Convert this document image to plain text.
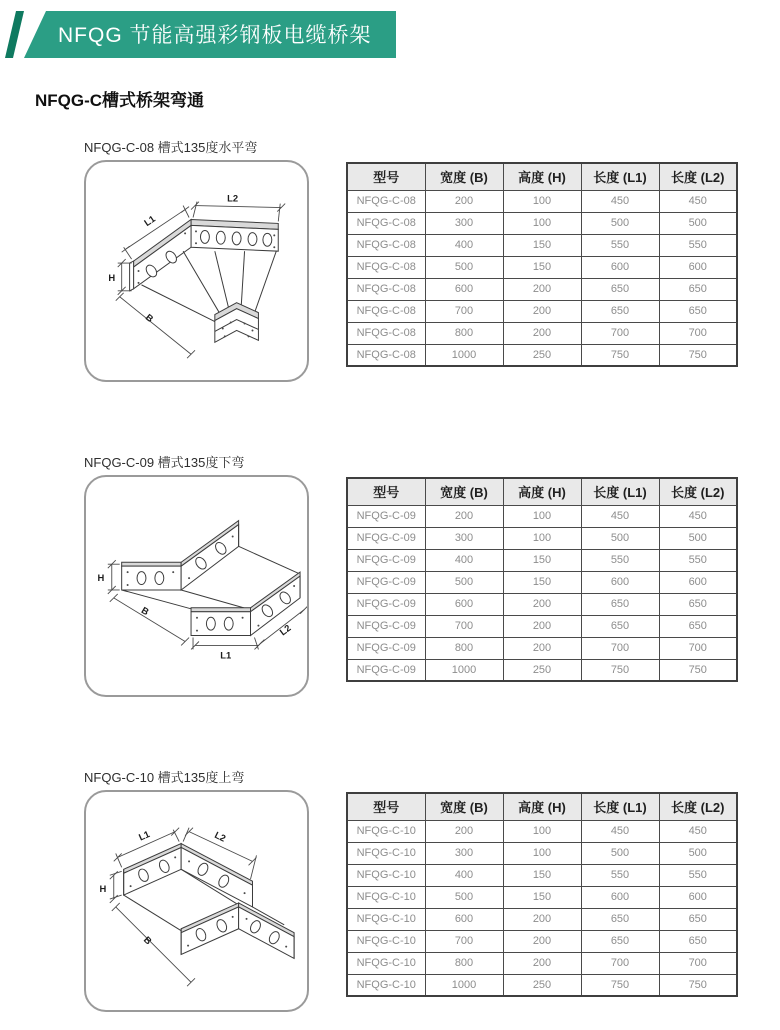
NFQG 节能高强彩钢板电缆桥架
NFQG-C槽式桥架弯通
NFQG-C-08 槽式135度水平弯
L2
L1
H
B
型号	宽度 (B)	高度 (H)	长度 (L1)	长度 (L2)
NFQG-C-08	200	100	450	450
NFQG-C-08	300	100	500	500
NFQG-C-08	400	150	550	550
NFQG-C-08	500	150	600	600
NFQG-C-08	600	200	650	650
NFQG-C-08	700	200	650	650
NFQG-C-08	800	200	700	700
NFQG-C-08	1000	250	750	750
NFQG-C-09 槽式135度下弯
H
B
L1
L2
型号	宽度 (B)	高度 (H)	长度 (L1)	长度 (L2)
NFQG-C-09	200	100	450	450
NFQG-C-09	300	100	500	500
NFQG-C-09	400	150	550	550
NFQG-C-09	500	150	600	600
NFQG-C-09	600	200	650	650
NFQG-C-09	700	200	650	650
NFQG-C-09	800	200	700	700
NFQG-C-09	1000	250	750	750
NFQG-C-10 槽式135度上弯
L1	L2
H
B
型号	宽度 (B)	高度 (H)	长度 (L1)	长度 (L2)
NFQG-C-10	200	100	450	450
NFQG-C-10	300	100	500	500
NFQG-C-10	400	150	550	550
NFQG-C-10	500	150	600	600
NFQG-C-10	600	200	650	650
NFQG-C-10	700	200	650	650
NFQG-C-10	800	200	700	700
NFQG-C-10	1000	250	750	750
